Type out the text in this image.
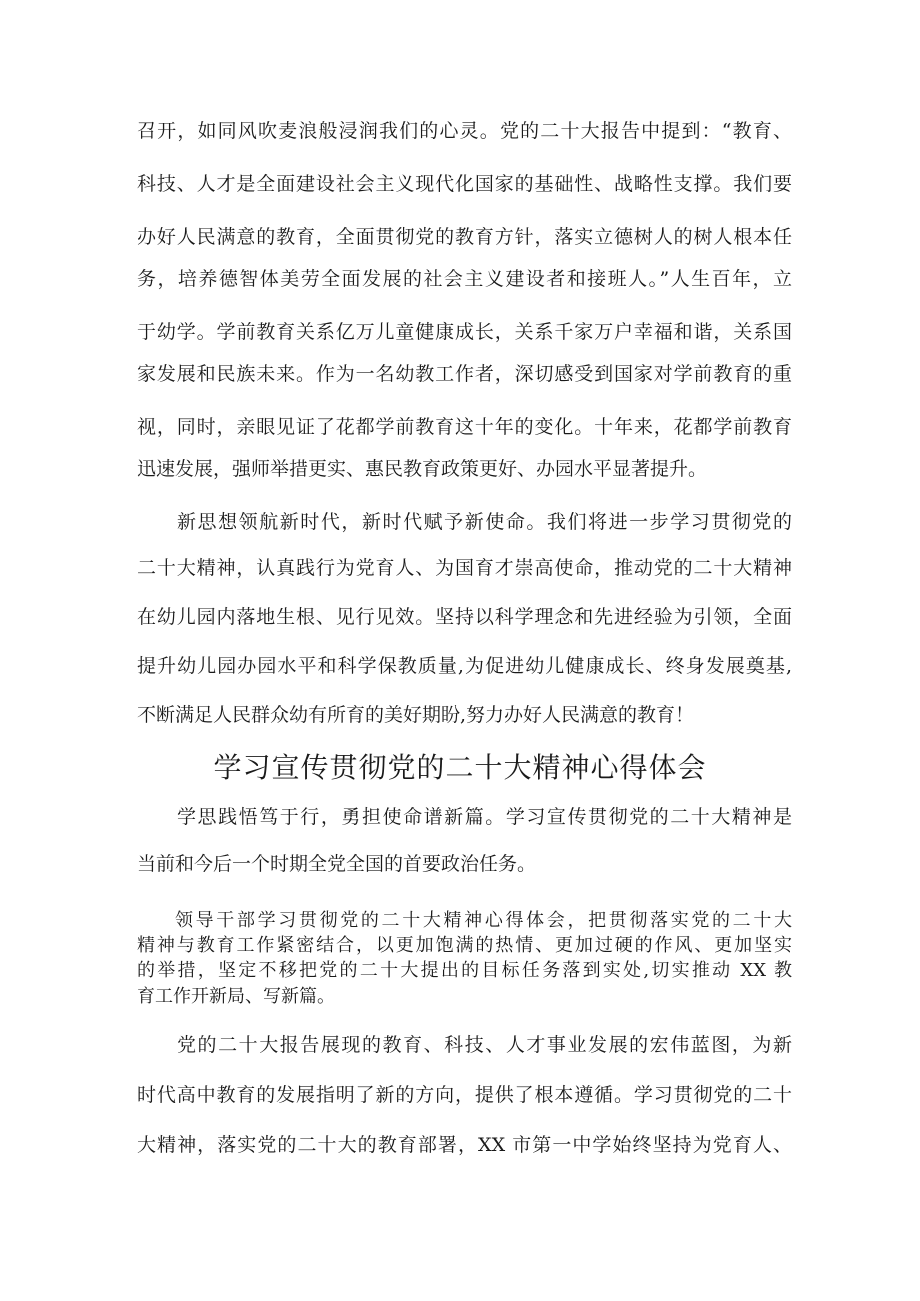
召开，如同风吹麦浪般浸润我们的心灵。党的二十大报告中提到：“教育、
科技、人才是全面建设社会主义现代化国家的基础性、战略性支撑。我们要
办好人民满意的教育，全面贯彻党的教育方针，落实立德树人的树人根本任
务，培养德智体美劳全面发展的社会主义建设者和接班人。”人生百年，立
于幼学。学前教育关系亿万儿童健康成长，关系千家万户幸福和谐，关系国
家发展和民族未来。作为一名幼教工作者，深切感受到国家对学前教育的重
视，同时，亲眼见证了花都学前教育这十年的变化。十年来，花都学前教育
迅速发展，强师举措更实、惠民教育政策更好、办园水平显著提升。
新思想领航新时代，新时代赋予新使命。我们将进一步学习贯彻党的
二十大精神，认真践行为党育人、为国育才崇高使命，推动党的二十大精神
在幼儿园内落地生根、见行见效。坚持以科学理念和先进经验为引领，全面
提升幼儿园办园水平和科学保教质量,为促进幼儿健康成长、终身发展奠基,
不断满足人民群众幼有所育的美好期盼,努力办好人民满意的教育！
学习宣传贯彻党的二十大精神心得体会
学思践悟笃于行，勇担使命谱新篇。学习宣传贯彻党的二十大精神是
当前和今后一个时期全党全国的首要政治任务。
领导干部学习贯彻党的二十大精神心得体会，把贯彻落实党的二十大
精神与教育工作紧密结合，以更加饱满的热情、更加过硬的作风、更加坚实
的举措，坚定不移把党的二十大提出的目标任务落到实处,切实推动 XX 教
育工作开新局、写新篇。
党的二十大报告展现的教育、科技、人才事业发展的宏伟蓝图，为新
时代高中教育的发展指明了新的方向，提供了根本遵循。学习贯彻党的二十
大精神，落实党的二十大的教育部署，XX 市第一中学始终坚持为党育人、
